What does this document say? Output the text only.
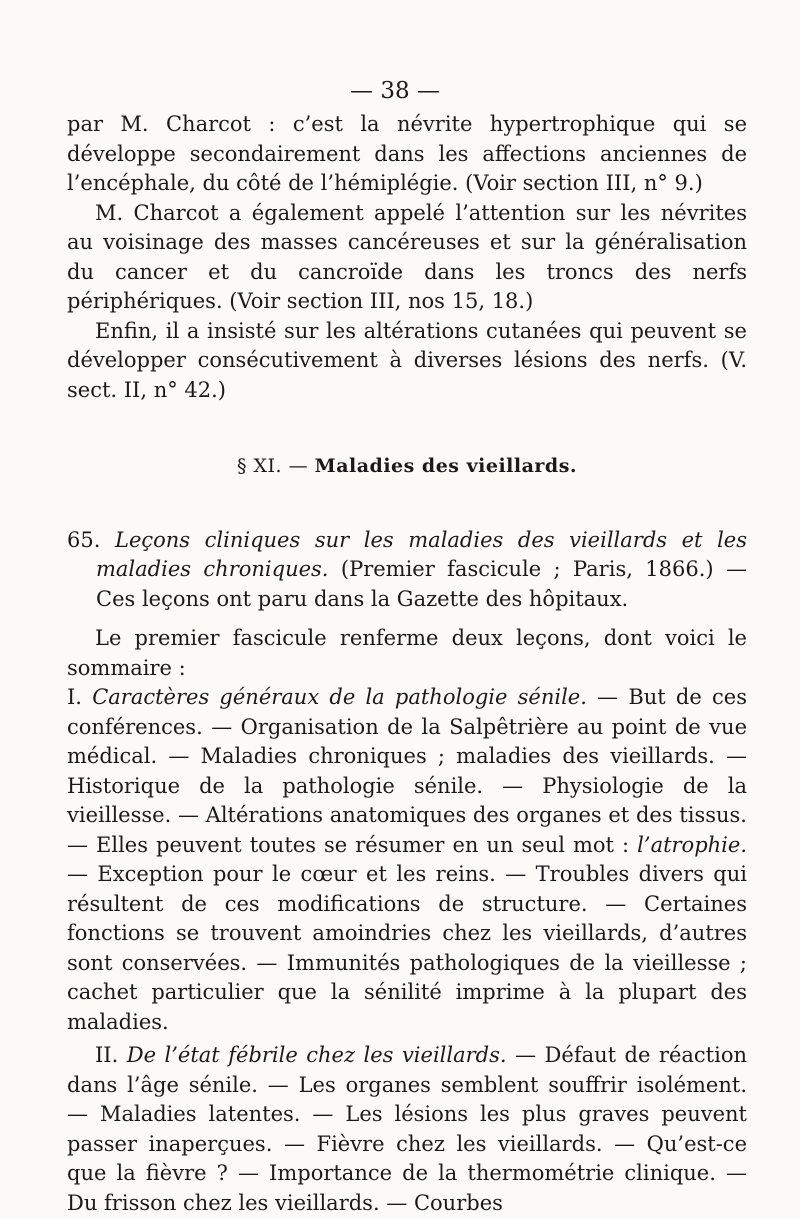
— 38 —

par M. Charcot : c’est la névrite hypertrophique qui se développe secondairement dans les affections anciennes de l’encéphale, du côté de l’hémiplégie. (Voir section III, n° 9.)

M. Charcot a également appelé l’attention sur les névrites au voisinage des masses cancéreuses et sur la généralisation du cancer et du cancroïde dans les troncs des nerfs périphériques. (Voir section III, nos 15, 18.)

Enfin, il a insisté sur les altérations cutanées qui peuvent se développer consécutivement à diverses lésions des nerfs. (V. sect. II, n° 42.)

§ XI. — Maladies des vieillards.

65. Leçons cliniques sur les maladies des vieillards et les maladies chroniques. (Premier fascicule ; Paris, 1866.) — Ces leçons ont paru dans la Gazette des hôpitaux.

Le premier fascicule renferme deux leçons, dont voici le sommaire :

I. Caractères généraux de la pathologie sénile. — But de ces conférences. — Organisation de la Salpêtrière au point de vue médical. — Maladies chroniques ; maladies des vieillards. — Historique de la pathologie sénile. — Physiologie de la vieillesse. — Altérations anatomiques des organes et des tissus. — Elles peuvent toutes se résumer en un seul mot : l’atrophie. — Exception pour le cœur et les reins. — Troubles divers qui résultent de ces modifications de structure. — Certaines fonctions se trouvent amoindries chez les vieillards, d’autres sont conservées. — Immunités pathologiques de la vieillesse ; cachet particulier que la sénilité imprime à la plupart des maladies.

II. De l’état fébrile chez les vieillards. — Défaut de réaction dans l’âge sénile. — Les organes semblent souffrir isolément. — Maladies latentes. — Les lésions les plus graves peuvent passer inaperçues. — Fièvre chez les vieillards. — Qu’est-ce que la fièvre ? — Importance de la thermométrie clinique. — Du frisson chez les vieillards. — Courbes
